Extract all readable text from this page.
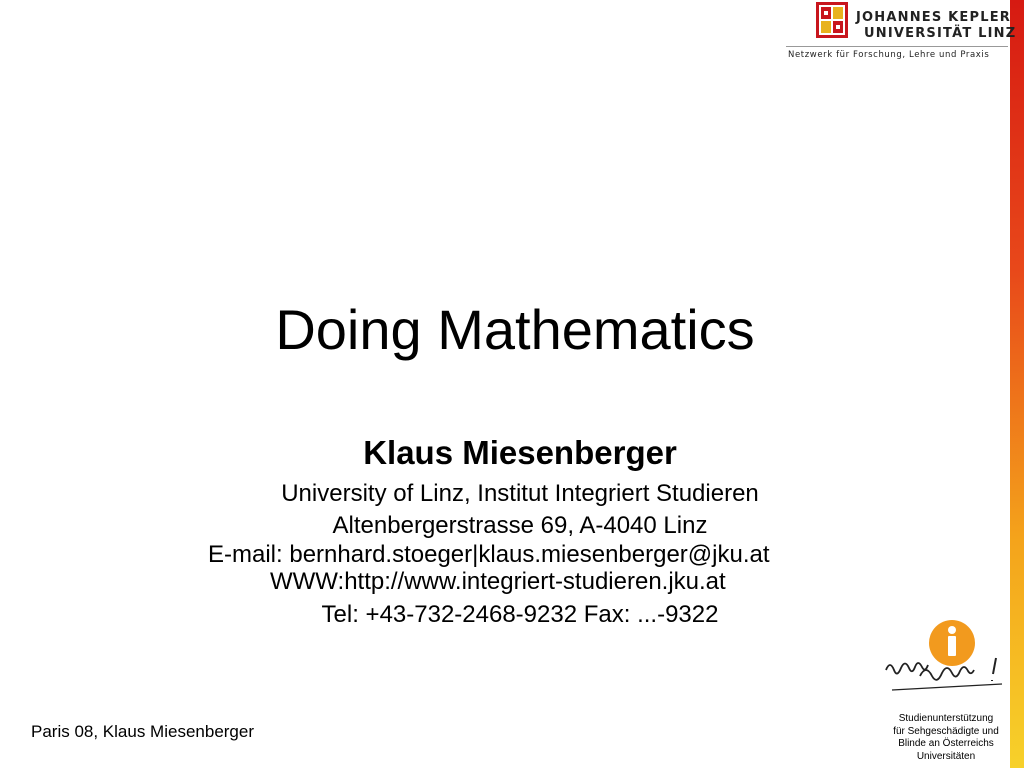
JOHANNES KEPLER
UNIVERSITÄT LINZ
Netzwerk für Forschung, Lehre und Praxis
Doing Mathematics
Klaus Miesenberger
University of Linz, Institut Integriert Studieren
Altenbergerstrasse 69, A-4040 Linz
E-mail: bernhard.stoeger|klaus.miesenberger@jku.at
WWW:http://www.integriert-studieren.jku.at
Tel: +43-732-2468-9232 Fax: ...-9322
Paris 08, Klaus Miesenberger
Studienunterstützung
für Sehgeschädigte und
Blinde an Österreichs
Universitäten
